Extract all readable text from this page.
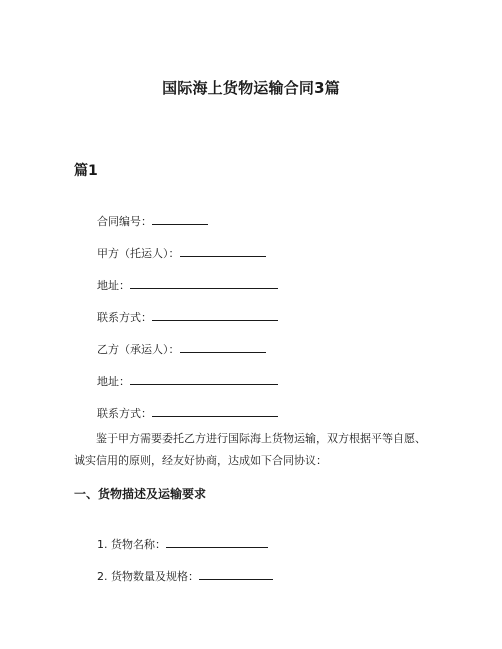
国际海上货物运输合同3篇
篇1
合同编号：
甲方（托运人）：
地址：
联系方式：
乙方（承运人）：
地址：
联系方式：
鉴于甲方需要委托乙方进行国际海上货物运输，双方根据平等自愿、诚实信用的原则，经友好协商，达成如下合同协议：
一、货物描述及运输要求
1. 货物名称：
2. 货物数量及规格：
